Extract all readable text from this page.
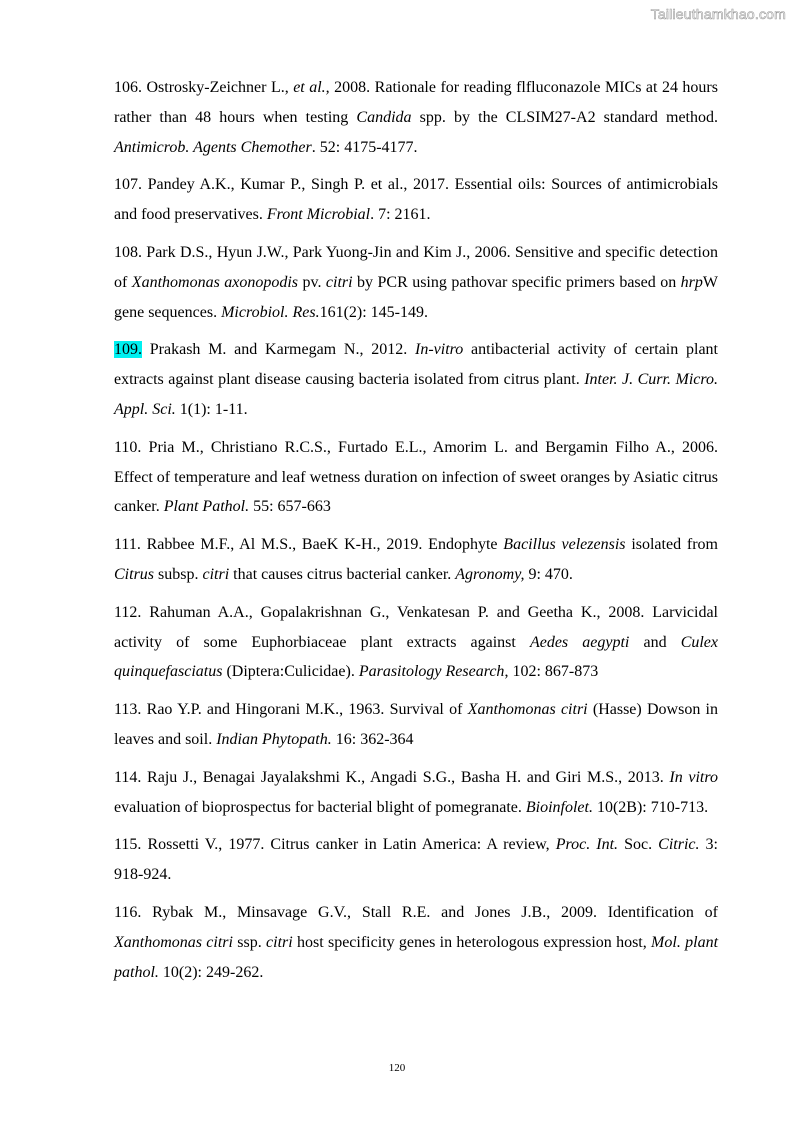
Tailieuthamkhao.com

106. Ostrosky-Zeichner L., et al., 2008. Rationale for reading flfluconazole MICs at 24 hours rather than 48 hours when testing Candida spp. by the CLSIM27-A2 standard method. Antimicrob. Agents Chemother. 52: 4175-4177.

107. Pandey A.K., Kumar P., Singh P. et al., 2017. Essential oils: Sources of antimicrobials and food preservatives. Front Microbial. 7: 2161.

108. Park D.S., Hyun J.W., Park Yuong-Jin and Kim J., 2006. Sensitive and specific detection of Xanthomonas axonopodis pv. citri by PCR using pathovar specific primers based on hrpW gene sequences. Microbiol. Res.161(2): 145-149.

109. Prakash M. and Karmegam N., 2012. In-vitro antibacterial activity of certain plant extracts against plant disease causing bacteria isolated from citrus plant. Inter. J. Curr. Micro. Appl. Sci. 1(1): 1-11.

110. Pria M., Christiano R.C.S., Furtado E.L., Amorim L. and Bergamin Filho A., 2006. Effect of temperature and leaf wetness duration on infection of sweet oranges by Asiatic citrus canker. Plant Pathol. 55: 657-663

111. Rabbee M.F., Al M.S., BaeK K-H., 2019. Endophyte Bacillus velezensis isolated from Citrus subsp. citri that causes citrus bacterial canker. Agronomy, 9: 470.

112. Rahuman A.A., Gopalakrishnan G., Venkatesan P. and Geetha K., 2008. Larvicidal activity of some Euphorbiaceae plant extracts against Aedes aegypti and Culex quinquefasciatus (Diptera:Culicidae). Parasitology Research, 102: 867-873

113. Rao Y.P. and Hingorani M.K., 1963. Survival of Xanthomonas citri (Hasse) Dowson in leaves and soil. Indian Phytopath. 16: 362-364

114. Raju J., Benagai Jayalakshmi K., Angadi S.G., Basha H. and Giri M.S., 2013. In vitro evaluation of bioprospectus for bacterial blight of pomegranate. Bioinfolet. 10(2B): 710-713.

115. Rossetti V., 1977. Citrus canker in Latin America: A review, Proc. Int. Soc. Citric. 3: 918-924.

116. Rybak M., Minsavage G.V., Stall R.E. and Jones J.B., 2009. Identification of Xanthomonas citri ssp. citri host specificity genes in heterologous expression host, Mol. plant pathol. 10(2): 249-262.

120
